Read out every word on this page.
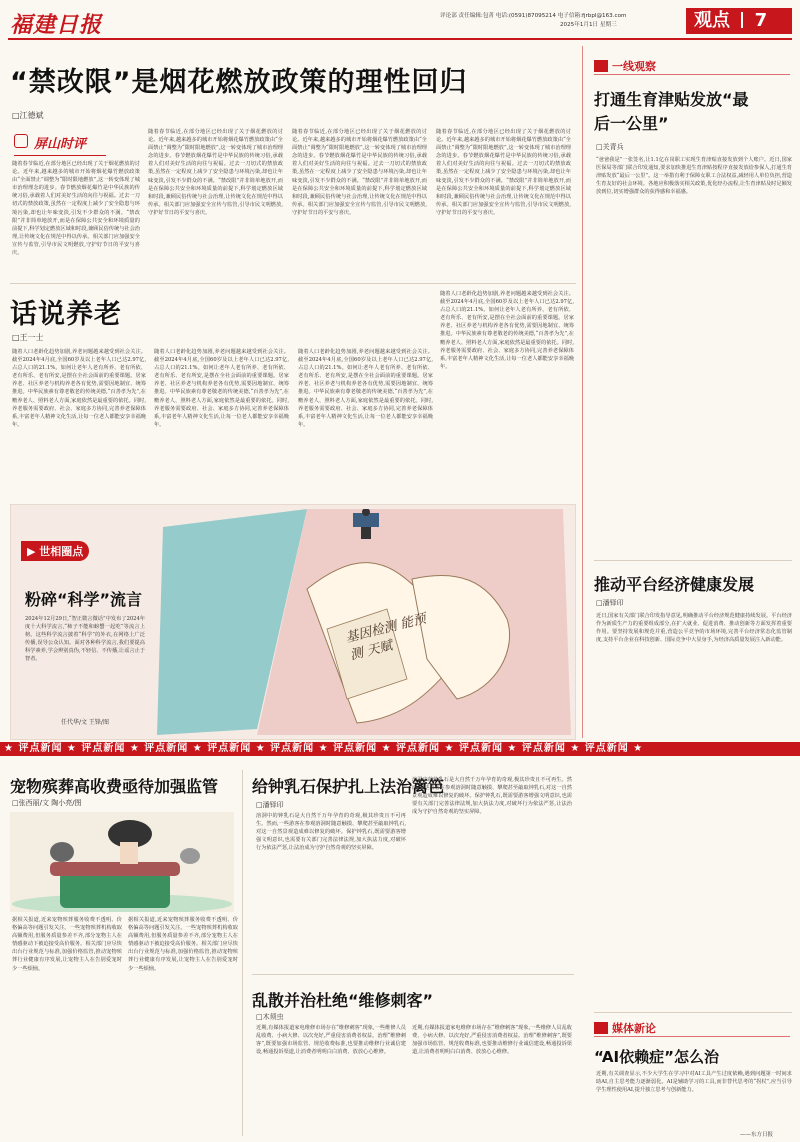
福建日报	评论部 责任编辑:包菁 电话:(0591)87095214 电子信箱:fjrbpl@163.com
2025年1月1日 星期三	观点 7
“禁改限”是烟花燃放政策的理性回归
□江德斌
屏山时评
随着春节临近,在部分地区已经出现了关于烟花燃放的讨论。近年来,越来越多的城市开始将烟花爆竹燃放政策由“全面禁止”调整为“限时限地燃放”,这一转变体现了城市治理理念的进步。春节燃放烟花爆竹是中华民族的传统习俗,承载着人们对美好生活的向往与祝福。过去一刀切式的禁放政策,虽然在一定程度上减少了安全隐患与环境污染,却也让年味变淡,引发不少群众的不满。“禁改限”并非简单地放开,而是在保障公共安全和环境质量的前提下,科学划定燃放区域和时段,兼顾民俗传统与社会治理,让传统文化在规范中得以传承。相关部门应加强安全宣传与监管,引导市民文明燃放,守护好节日的平安与喜庆。
随着春节临近,在部分地区已经出现了关于烟花燃放的讨论。近年来,越来越多的城市开始将烟花爆竹燃放政策由“全面禁止”调整为“限时限地燃放”,这一转变体现了城市治理理念的进步。春节燃放烟花爆竹是中华民族的传统习俗,承载着人们对美好生活的向往与祝福。过去一刀切式的禁放政策,虽然在一定程度上减少了安全隐患与环境污染,却也让年味变淡,引发不少群众的不满。“禁改限”并非简单地放开,而是在保障公共安全和环境质量的前提下,科学划定燃放区域和时段,兼顾民俗传统与社会治理,让传统文化在规范中得以传承。相关部门应加强安全宣传与监管,引导市民文明燃放,守护好节日的平安与喜庆。
随着春节临近,在部分地区已经出现了关于烟花燃放的讨论。近年来,越来越多的城市开始将烟花爆竹燃放政策由“全面禁止”调整为“限时限地燃放”,这一转变体现了城市治理理念的进步。春节燃放烟花爆竹是中华民族的传统习俗,承载着人们对美好生活的向往与祝福。过去一刀切式的禁放政策,虽然在一定程度上减少了安全隐患与环境污染,却也让年味变淡,引发不少群众的不满。“禁改限”并非简单地放开,而是在保障公共安全和环境质量的前提下,科学划定燃放区域和时段,兼顾民俗传统与社会治理,让传统文化在规范中得以传承。相关部门应加强安全宣传与监管,引导市民文明燃放,守护好节日的平安与喜庆。
随着春节临近,在部分地区已经出现了关于烟花燃放的讨论。近年来,越来越多的城市开始将烟花爆竹燃放政策由“全面禁止”调整为“限时限地燃放”,这一转变体现了城市治理理念的进步。春节燃放烟花爆竹是中华民族的传统习俗,承载着人们对美好生活的向往与祝福。过去一刀切式的禁放政策,虽然在一定程度上减少了安全隐患与环境污染,却也让年味变淡,引发不少群众的不满。“禁改限”并非简单地放开,而是在保障公共安全和环境质量的前提下,科学划定燃放区域和时段,兼顾民俗传统与社会治理,让传统文化在规范中得以传承。相关部门应加强安全宣传与监管,引导市民文明燃放,守护好节日的平安与喜庆。
话说养老
□王一士
随着人口老龄化趋势加剧,养老问题越来越受到社会关注。截至2024年4月底,全国60岁及以上老年人口已达2.97亿,占总人口的21.1%。如何让老年人老有所养、老有所依、老有所乐、老有所安,是摆在全社会面前的重要课题。居家养老、社区养老与机构养老各有优势,需要因地制宜、统筹推进。中华民族素有尊老敬老的传统美德,“百善孝为先”,在赡养老人、照料老人方面,家庭依然是最重要的依托。同时,养老服务需要政府、社会、家庭多方协同,完善养老保障体系,丰富老年人精神文化生活,让每一位老人都能安享幸福晚年。
随着人口老龄化趋势加剧,养老问题越来越受到社会关注。截至2024年4月底,全国60岁及以上老年人口已达2.97亿,占总人口的21.1%。如何让老年人老有所养、老有所依、老有所乐、老有所安,是摆在全社会面前的重要课题。居家养老、社区养老与机构养老各有优势,需要因地制宜、统筹推进。中华民族素有尊老敬老的传统美德,“百善孝为先”,在赡养老人、照料老人方面,家庭依然是最重要的依托。同时,养老服务需要政府、社会、家庭多方协同,完善养老保障体系,丰富老年人精神文化生活,让每一位老人都能安享幸福晚年。
随着人口老龄化趋势加剧,养老问题越来越受到社会关注。截至2024年4月底,全国60岁及以上老年人口已达2.97亿,占总人口的21.1%。如何让老年人老有所养、老有所依、老有所乐、老有所安,是摆在全社会面前的重要课题。居家养老、社区养老与机构养老各有优势,需要因地制宜、统筹推进。中华民族素有尊老敬老的传统美德,“百善孝为先”,在赡养老人、照料老人方面,家庭依然是最重要的依托。同时,养老服务需要政府、社会、家庭多方协同,完善养老保障体系,丰富老年人精神文化生活,让每一位老人都能安享幸福晚年。
随着人口老龄化趋势加剧,养老问题越来越受到社会关注。截至2024年4月底,全国60岁及以上老年人口已达2.97亿,占总人口的21.1%。如何让老年人老有所养、老有所依、老有所乐、老有所安,是摆在全社会面前的重要课题。居家养老、社区养老与机构养老各有优势,需要因地制宜、统筹推进。中华民族素有尊老敬老的传统美德,“百善孝为先”,在赡养老人、照料老人方面,家庭依然是最重要的依托。同时,养老服务需要政府、社会、家庭多方协同,完善养老保障体系,丰富老年人精神文化生活,让每一位老人都能安享幸福晚年。
▶ 世相圈点
粉碎“科学”流言
2024年12月29日,“智正微言微话”中发布了2024年度十大科学流言,“柿子不能和螃蟹一起吃”等流言上榜。这些科学流言披着“科学”的外衣,在网络上广泛传播,误导公众认知。面对各种科学流言,我们要提高科学素养,学会辨别真伪,不轻信、不传播,让谣言止于智者。
任代华/文 王锋/图
基因检测 能预测 天赋
★ 评点新闻 ★ 评点新闻 ★ 评点新闻 ★ 评点新闻 ★ 评点新闻 ★ 评点新闻 ★ 评点新闻 ★ 评点新闻 ★ 评点新闻 ★ 评点新闻 ★
宠物殡葬高收费亟待加强监管
□张西丽/文 陶小亮/图
据相关报道,近来宠物殡葬服务收费不透明、价格偏高等问题引发关注。一些宠物殡葬机构收取高额费用,但服务质量参差不齐,部分宠物主人在情感驱动下被迫接受高价服务。相关部门应尽快出台行业规范与标准,加强价格监管,推动宠物殡葬行业健康有序发展,让宠物主人在告别爱宠时少一些烦恼。
据相关报道,近来宠物殡葬服务收费不透明、价格偏高等问题引发关注。一些宠物殡葬机构收取高额费用,但服务质量参差不齐,部分宠物主人在情感驱动下被迫接受高价服务。相关部门应尽快出台行业规范与标准,加强价格监管,推动宠物殡葬行业健康有序发展,让宠物主人在告别爱宠时少一些烦恼。
给钟乳石保护扎上法治篱笆
□潘铎印
溶洞中的钟乳石是大自然千万年孕育的奇观,极其珍贵且不可再生。然而,一些游客在参观溶洞时随意触摸、攀爬甚至敲取钟乳石,对这一自然景观造成难以修复的破坏。保护钟乳石,既需要游客增强文明意识,也需要有关部门完善法律法规,加大执法力度,对破坏行为依法严惩,让法治成为守护自然奇观的坚实屏障。
溶洞中的钟乳石是大自然千万年孕育的奇观,极其珍贵且不可再生。然而,一些游客在参观溶洞时随意触摸、攀爬甚至敲取钟乳石,对这一自然景观造成难以修复的破坏。保护钟乳石,既需要游客增强文明意识,也需要有关部门完善法律法规,加大执法力度,对破坏行为依法严惩,让法治成为守护自然奇观的坚实屏障。
乱散并治杜绝“维修刺客”
□木须虫
近期,有媒体报道家电维修市场存在“维修刺客”现象,一些维修人员乱收费、小病大修、以次充好,严重侵害消费者权益。治理“维修刺客”,既要加强市场监管、规范收费标准,也要推动维修行业诚信建设,畅通投诉渠道,让消费者明明白白消费、放放心心维修。
近期,有媒体报道家电维修市场存在“维修刺客”现象,一些维修人员乱收费、小病大修、以次充好,严重侵害消费者权益。治理“维修刺客”,既要加强市场监管、规范收费标准,也要推动维修行业诚信建设,畅通投诉渠道,让消费者明明白白消费、放放心心维修。
一线观察
打通生育津贴发放“最后一公里”
□关青兵
“爸爸我是”一张签名,让1.1亿在岗职工实现生育津贴直接发放到个人账户。近日,国家医保局等部门联合印发通知,要求加快推进生育津贴按程序直接发放给参保人,打通生育津贴发放“最后一公里”。这一举措有利于保障女职工合法权益,减轻用人单位负担,营造生育友好的社会环境。各地应积极落实相关政策,优化经办流程,让生育津贴及时足额发放到位,切实增强群众的获得感和幸福感。
推动平台经济健康发展
□潘铎印
近日,国家有关部门联合印发指导意见,明确推动平台经济规范健康持续发展。平台经济作为新质生产力的重要组成部分,在扩大就业、促进消费、推动创新等方面发挥着重要作用。要坚持发展和规范并重,营造公平竞争的市场环境,完善平台经济常态化监管制度,支持平台企业在科技创新、国际竞争中大显身手,为经济高质量发展注入新动能。
媒体新论
“AI依赖症”怎么治
近期,有关调查显示,不少大学生在学习中对AI工具产生过度依赖,遇到问题第一时间求助AI,自主思考能力逐渐弱化。AI是辅助学习的工具,而非替代思考的“拐杖”,应当引导学生理性使用AI,提升独立思考与创新能力。
——东方日报
